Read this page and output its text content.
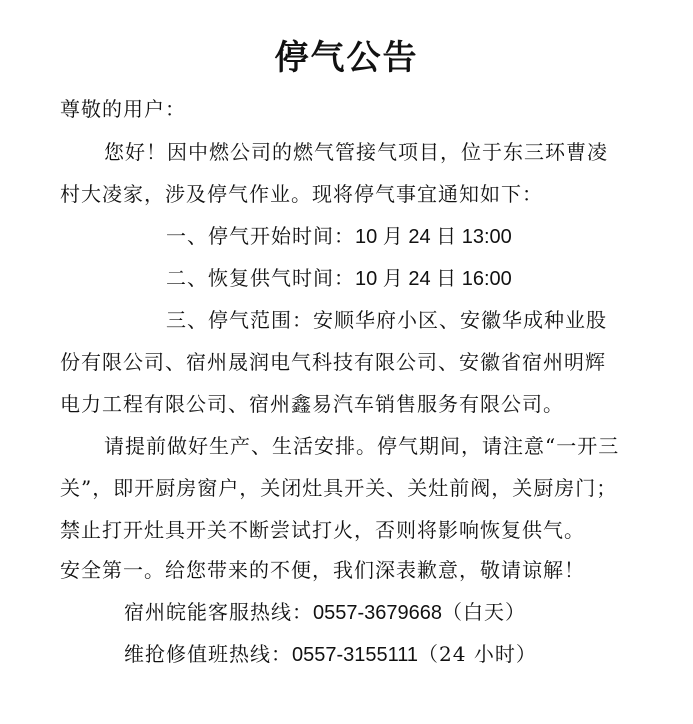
停气公告

尊敬的用户：

您好！因中燃公司的燃气管接气项目，位于东三环曹凌

村大凌家，涉及停气作业。现将停气事宜通知如下：

一、停气开始时间：10 月 24 日 13:00

二、恢复供气时间：10 月 24 日 16:00

三、停气范围：安顺华府小区、安徽华成种业股

份有限公司、宿州晟润电气科技有限公司、安徽省宿州明辉

电力工程有限公司、宿州鑫易汽车销售服务有限公司。

请提前做好生产、生活安排。停气期间，请注意“一开三

关”，即开厨房窗户，关闭灶具开关、关灶前阀，关厨房门；

禁止打开灶具开关不断尝试打火，否则将影响恢复供气。

安全第一。给您带来的不便，我们深表歉意，敬请谅解！

宿州皖能客服热线：0557-3679668（白天）

维抢修值班热线：0557-3155111（24 小时）
